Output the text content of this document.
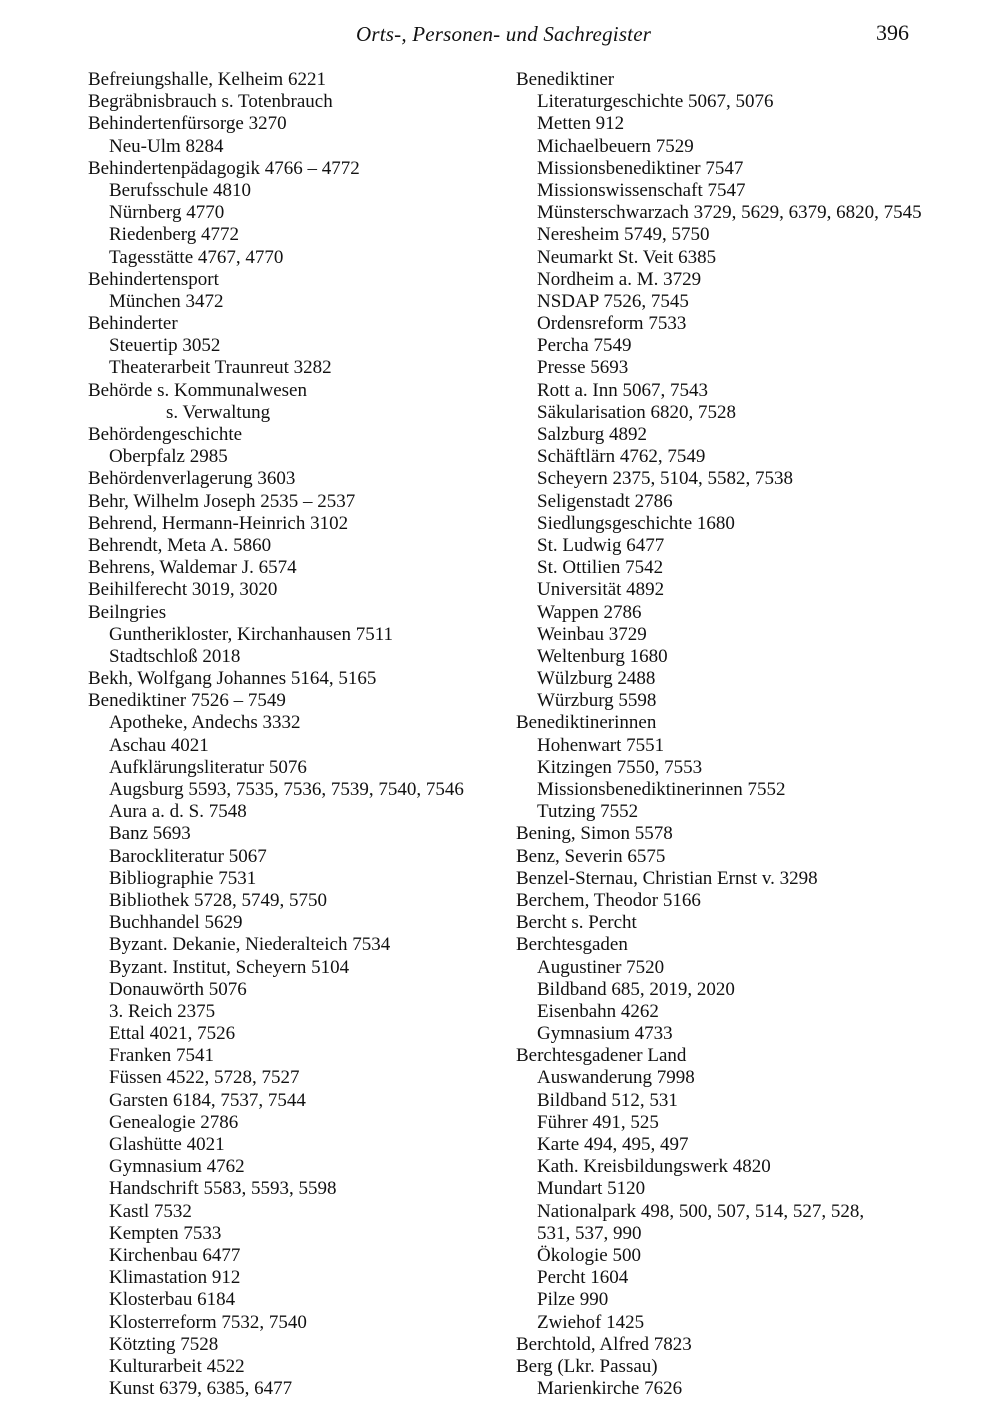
Orts-, Personen- und Sachregister	396
Befreiungshalle, Kelheim 6221
Begräbnisbrauch s. Totenbrauch
Behindertenfürsorge 3270
Neu-Ulm 8284
Behindertenpädagogik 4766 – 4772
Berufsschule 4810
Nürnberg 4770
Riedenberg 4772
Tagesstätte 4767, 4770
Behindertensport
München 3472
Behinderter
Steuertip 3052
Theaterarbeit Traunreut 3282
Behörde s. Kommunalwesen
s. Verwaltung
Behördengeschichte
Oberpfalz 2985
Behördenverlagerung 3603
Behr, Wilhelm Joseph 2535 – 2537
Behrend, Hermann-Heinrich 3102
Behrendt, Meta A. 5860
Behrens, Waldemar J. 6574
Beihilferecht 3019, 3020
Beilngries
Guntherikloster, Kirchanhausen 7511
Stadtschloß 2018
Bekh, Wolfgang Johannes 5164, 5165
Benediktiner 7526 – 7549
Apotheke, Andechs 3332
Aschau 4021
Aufklärungsliteratur 5076
Augsburg 5593, 7535, 7536, 7539, 7540, 7546
Aura a. d. S. 7548
Banz 5693
Barockliteratur 5067
Bibliographie 7531
Bibliothek 5728, 5749, 5750
Buchhandel 5629
Byzant. Dekanie, Niederalteich 7534
Byzant. Institut, Scheyern 5104
Donauwörth 5076
3. Reich 2375
Ettal 4021, 7526
Franken 7541
Füssen 4522, 5728, 7527
Garsten 6184, 7537, 7544
Genealogie 2786
Glashütte 4021
Gymnasium 4762
Handschrift 5583, 5593, 5598
Kastl 7532
Kempten 7533
Kirchenbau 6477
Klimastation 912
Klosterbau 6184
Klosterreform 7532, 7540
Kötzting 7528
Kulturarbeit 4522
Kunst 6379, 6385, 6477
Benediktiner
Literaturgeschichte 5067, 5076
Metten 912
Michaelbeuern 7529
Missionsbenediktiner 7547
Missionswissenschaft 7547
Münsterschwarzach 3729, 5629, 6379, 6820, 7545
Neresheim 5749, 5750
Neumarkt St. Veit 6385
Nordheim a. M. 3729
NSDAP 7526, 7545
Ordensreform 7533
Percha 7549
Presse 5693
Rott a. Inn 5067, 7543
Säkularisation 6820, 7528
Salzburg 4892
Schäftlärn 4762, 7549
Scheyern 2375, 5104, 5582, 7538
Seligenstadt 2786
Siedlungsgeschichte 1680
St. Ludwig 6477
St. Ottilien 7542
Universität 4892
Wappen 2786
Weinbau 3729
Weltenburg 1680
Wülzburg 2488
Würzburg 5598
Benediktinerinnen
Hohenwart 7551
Kitzingen 7550, 7553
Missionsbenediktinerinnen 7552
Tutzing 7552
Bening, Simon 5578
Benz, Severin 6575
Benzel-Sternau, Christian Ernst v. 3298
Berchem, Theodor 5166
Bercht s. Percht
Berchtesgaden
Augustiner 7520
Bildband 685, 2019, 2020
Eisenbahn 4262
Gymnasium 4733
Berchtesgadener Land
Auswanderung 7998
Bildband 512, 531
Führer 491, 525
Karte 494, 495, 497
Kath. Kreisbildungswerk 4820
Mundart 5120
Nationalpark 498, 500, 507, 514, 527, 528,
531, 537, 990
Ökologie 500
Percht 1604
Pilze 990
Zwiehof 1425
Berchtold, Alfred 7823
Berg (Lkr. Passau)
Marienkirche 7626
